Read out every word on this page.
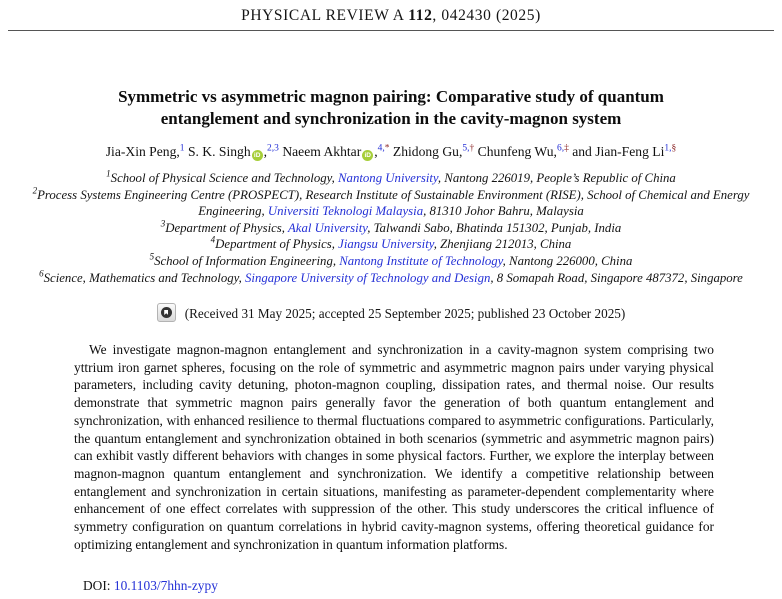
PHYSICAL REVIEW A 112, 042430 (2025)
Symmetric vs asymmetric magnon pairing: Comparative study of quantum entanglement and synchronization in the cavity-magnon system
Jia-Xin Peng,$^1$ S. K. Singh iD ,$^{2,3}$ Naeem Akhtar iD ,$^{4,*}$ Zhidong Gu,$^{5,\dagger}$ Chunfeng Wu,$^{6,\ddagger}$ and Jian-Feng $Li^{1,\S}$
$^1$School of Physical Science and Technology, Nantong University, Nantong 226019, People’s Republic of China
$^2$Process Systems Engineering Centre (PROSPECT), Research Institute of Sustainable Environment (RISE), School of Chemical and Energy Engineering, Universiti Teknologi Malaysia, 81310 Johor Bahru, Malaysia
$^3$Department of Physics, Akal University, Talwandi Sabo, Bhatinda 151302, Punjab, India
$^4$Department of Physics, Jiangsu University, Zhenjiang 212013, China
$^5$School of Information Engineering, Nantong Institute of Technology, Nantong 226000, China
$^6$Science, Mathematics and Technology, Singapore University of Technology and Design, 8 Somapah Road, Singapore 487372, Singapore
(Received 31 May 2025; accepted 25 September 2025; published 23 October 2025)

We investigate magnon-magnon entanglement and synchronization in a cavity-magnon system comprising two yttrium iron garnet spheres, focusing on the role of symmetric and asymmetric magnon pairs under varying physical parameters, including cavity detuning, photon-magnon coupling, dissipation rates, and thermal noise. Our results demonstrate that symmetric magnon pairs generally favor the generation of both quantum entanglement and synchronization, with enhanced resilience to thermal fluctuations compared to asymmetric configurations. Particularly, the quantum entanglement and synchronization obtained in both scenarios (symmetric and asymmetric magnon pairs) can exhibit vastly different behaviors with changes in some physical factors. Further, we explore the interplay between magnon-magnon quantum entanglement and synchronization. We identify a competitive relationship between entanglement and synchronization in certain situations, manifesting as parameter-dependent complementarity where enhancement of one effect correlates with suppression of the other. This study underscores the critical influence of symmetry configuration on quantum correlations in hybrid cavity-magnon systems, offering theoretical guidance for optimizing entanglement and synchronization in quantum information platforms.

DOI: 10.1103/7hhn-zypy
